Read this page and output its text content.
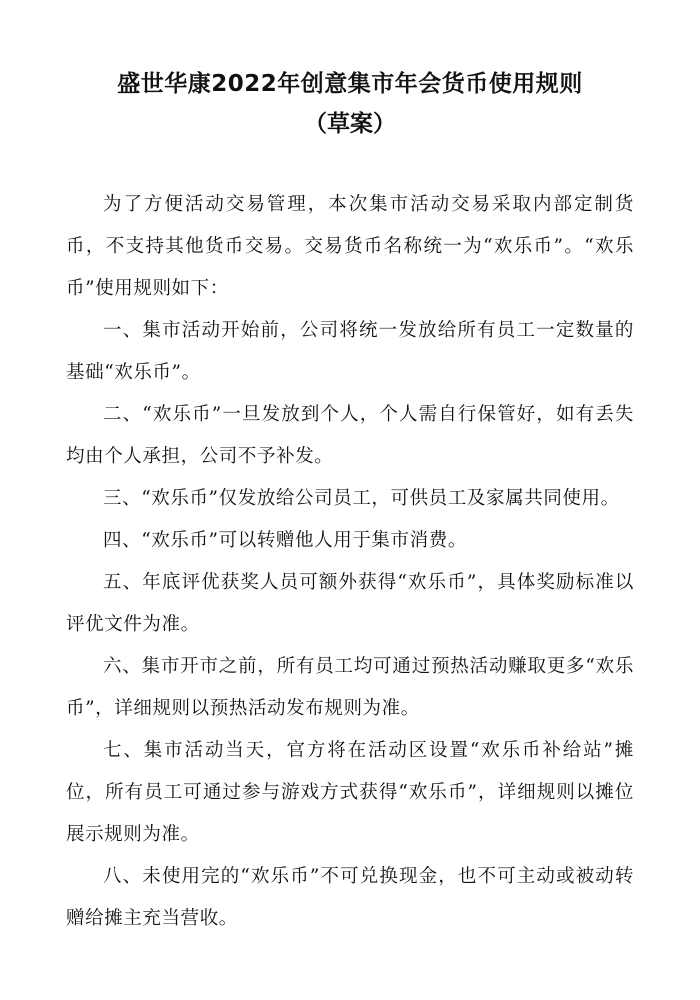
盛世华康2022年创意集市年会货币使用规则
（草案）

为了方便活动交易管理，本次集市活动交易采取内部定制货币，不支持其他货币交易。交易货币名称统一为“欢乐币”。“欢乐币”使用规则如下：

一、集市活动开始前，公司将统一发放给所有员工一定数量的基础“欢乐币”。

二、“欢乐币”一旦发放到个人，个人需自行保管好，如有丢失均由个人承担，公司不予补发。

三、“欢乐币”仅发放给公司员工，可供员工及家属共同使用。

四、“欢乐币”可以转赠他人用于集市消费。

五、年底评优获奖人员可额外获得“欢乐币”，具体奖励标准以评优文件为准。

六、集市开市之前，所有员工均可通过预热活动赚取更多“欢乐币”，详细规则以预热活动发布规则为准。

七、集市活动当天，官方将在活动区设置“欢乐币补给站”摊位，所有员工可通过参与游戏方式获得“欢乐币”，详细规则以摊位展示规则为准。

八、未使用完的“欢乐币”不可兑换现金，也不可主动或被动转赠给摊主充当营收。
